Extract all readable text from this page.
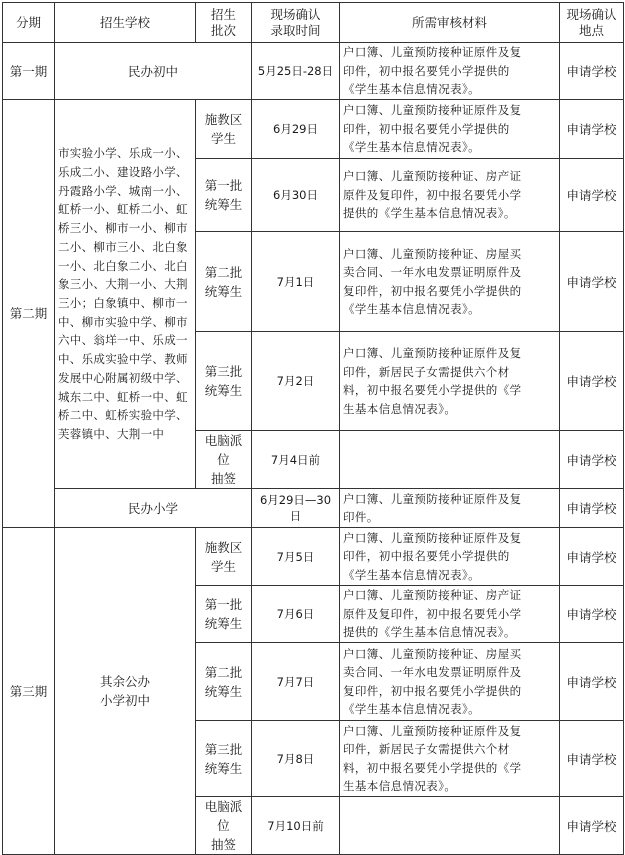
分期	招生学校	招生
批次	现场确认
录取时间	所需审核材料	现场确认
地点
第一期	民办初中		5月25日-28日	户口簿、儿童预防接种证原件及复
印件，初中报名要凭小学提供的
《学生基本信息情况表》。	申请学校
第二期	市实验小学、乐成一小、乐成二小、建设路小学、丹霞路小学、城南一小、虹桥一小、虹桥二小、虹桥三小、柳市一小、柳市二小、柳市三小、北白象一小、北白象二小、北白象三小、大荆一小、大荆三小；白象镇中、柳市一中、柳市实验中学、柳市六中、翁垟一中、乐成一中、乐成实验中学、教师发展中心附属初级中学、城东二中、虹桥一中、虹桥二中、虹桥实验中学、芙蓉镇中、大荆一中	施教区
学生	6月29日	户口簿、儿童预防接种证原件及复
印件，初中报名要凭小学提供的
《学生基本信息情况表》。	申请学校
		第一批
统筹生	6月30日	户口簿、儿童预防接种证、房产证
原件及复印件，初中报名要凭小学
提供的《学生基本信息情况表》。	申请学校
		第二批
统筹生	7月1日	户口簿、儿童预防接种证、房屋买
卖合同、一年水电发票证明原件及
复印件，初中报名要凭小学提供的
《学生基本信息情况表》。	申请学校
		第三批
统筹生	7月2日	户口簿、儿童预防接种证原件及复
印件，新居民子女需提供六个材
料，初中报名要凭小学提供的《学
生基本信息情况表》。	申请学校
		电脑派位
抽签	7月4日前		申请学校
	民办小学		6月29日—30日	户口簿、儿童预防接种证原件及复
印件。	申请学校
第三期	其余公办
小学初中	施教区
学生	7月5日	户口簿、儿童预防接种证原件及复
印件，初中报名要凭小学提供的
《学生基本信息情况表》。	申请学校
		第一批
统筹生	7月6日	户口簿、儿童预防接种证、房产证
原件及复印件，初中报名要凭小学
提供的《学生基本信息情况表》。	申请学校
		第二批
统筹生	7月7日	户口簿、儿童预防接种证、房屋买
卖合同、一年水电发票证明原件及
复印件，初中报名要凭小学提供的
《学生基本信息情况表》。	申请学校
		第三批
统筹生	7月8日	户口簿、儿童预防接种证原件及复
印件，新居民子女需提供六个材
料，初中报名要凭小学提供的《学
生基本信息情况表》。	申请学校
		电脑派位
抽签	7月10日前		申请学校
